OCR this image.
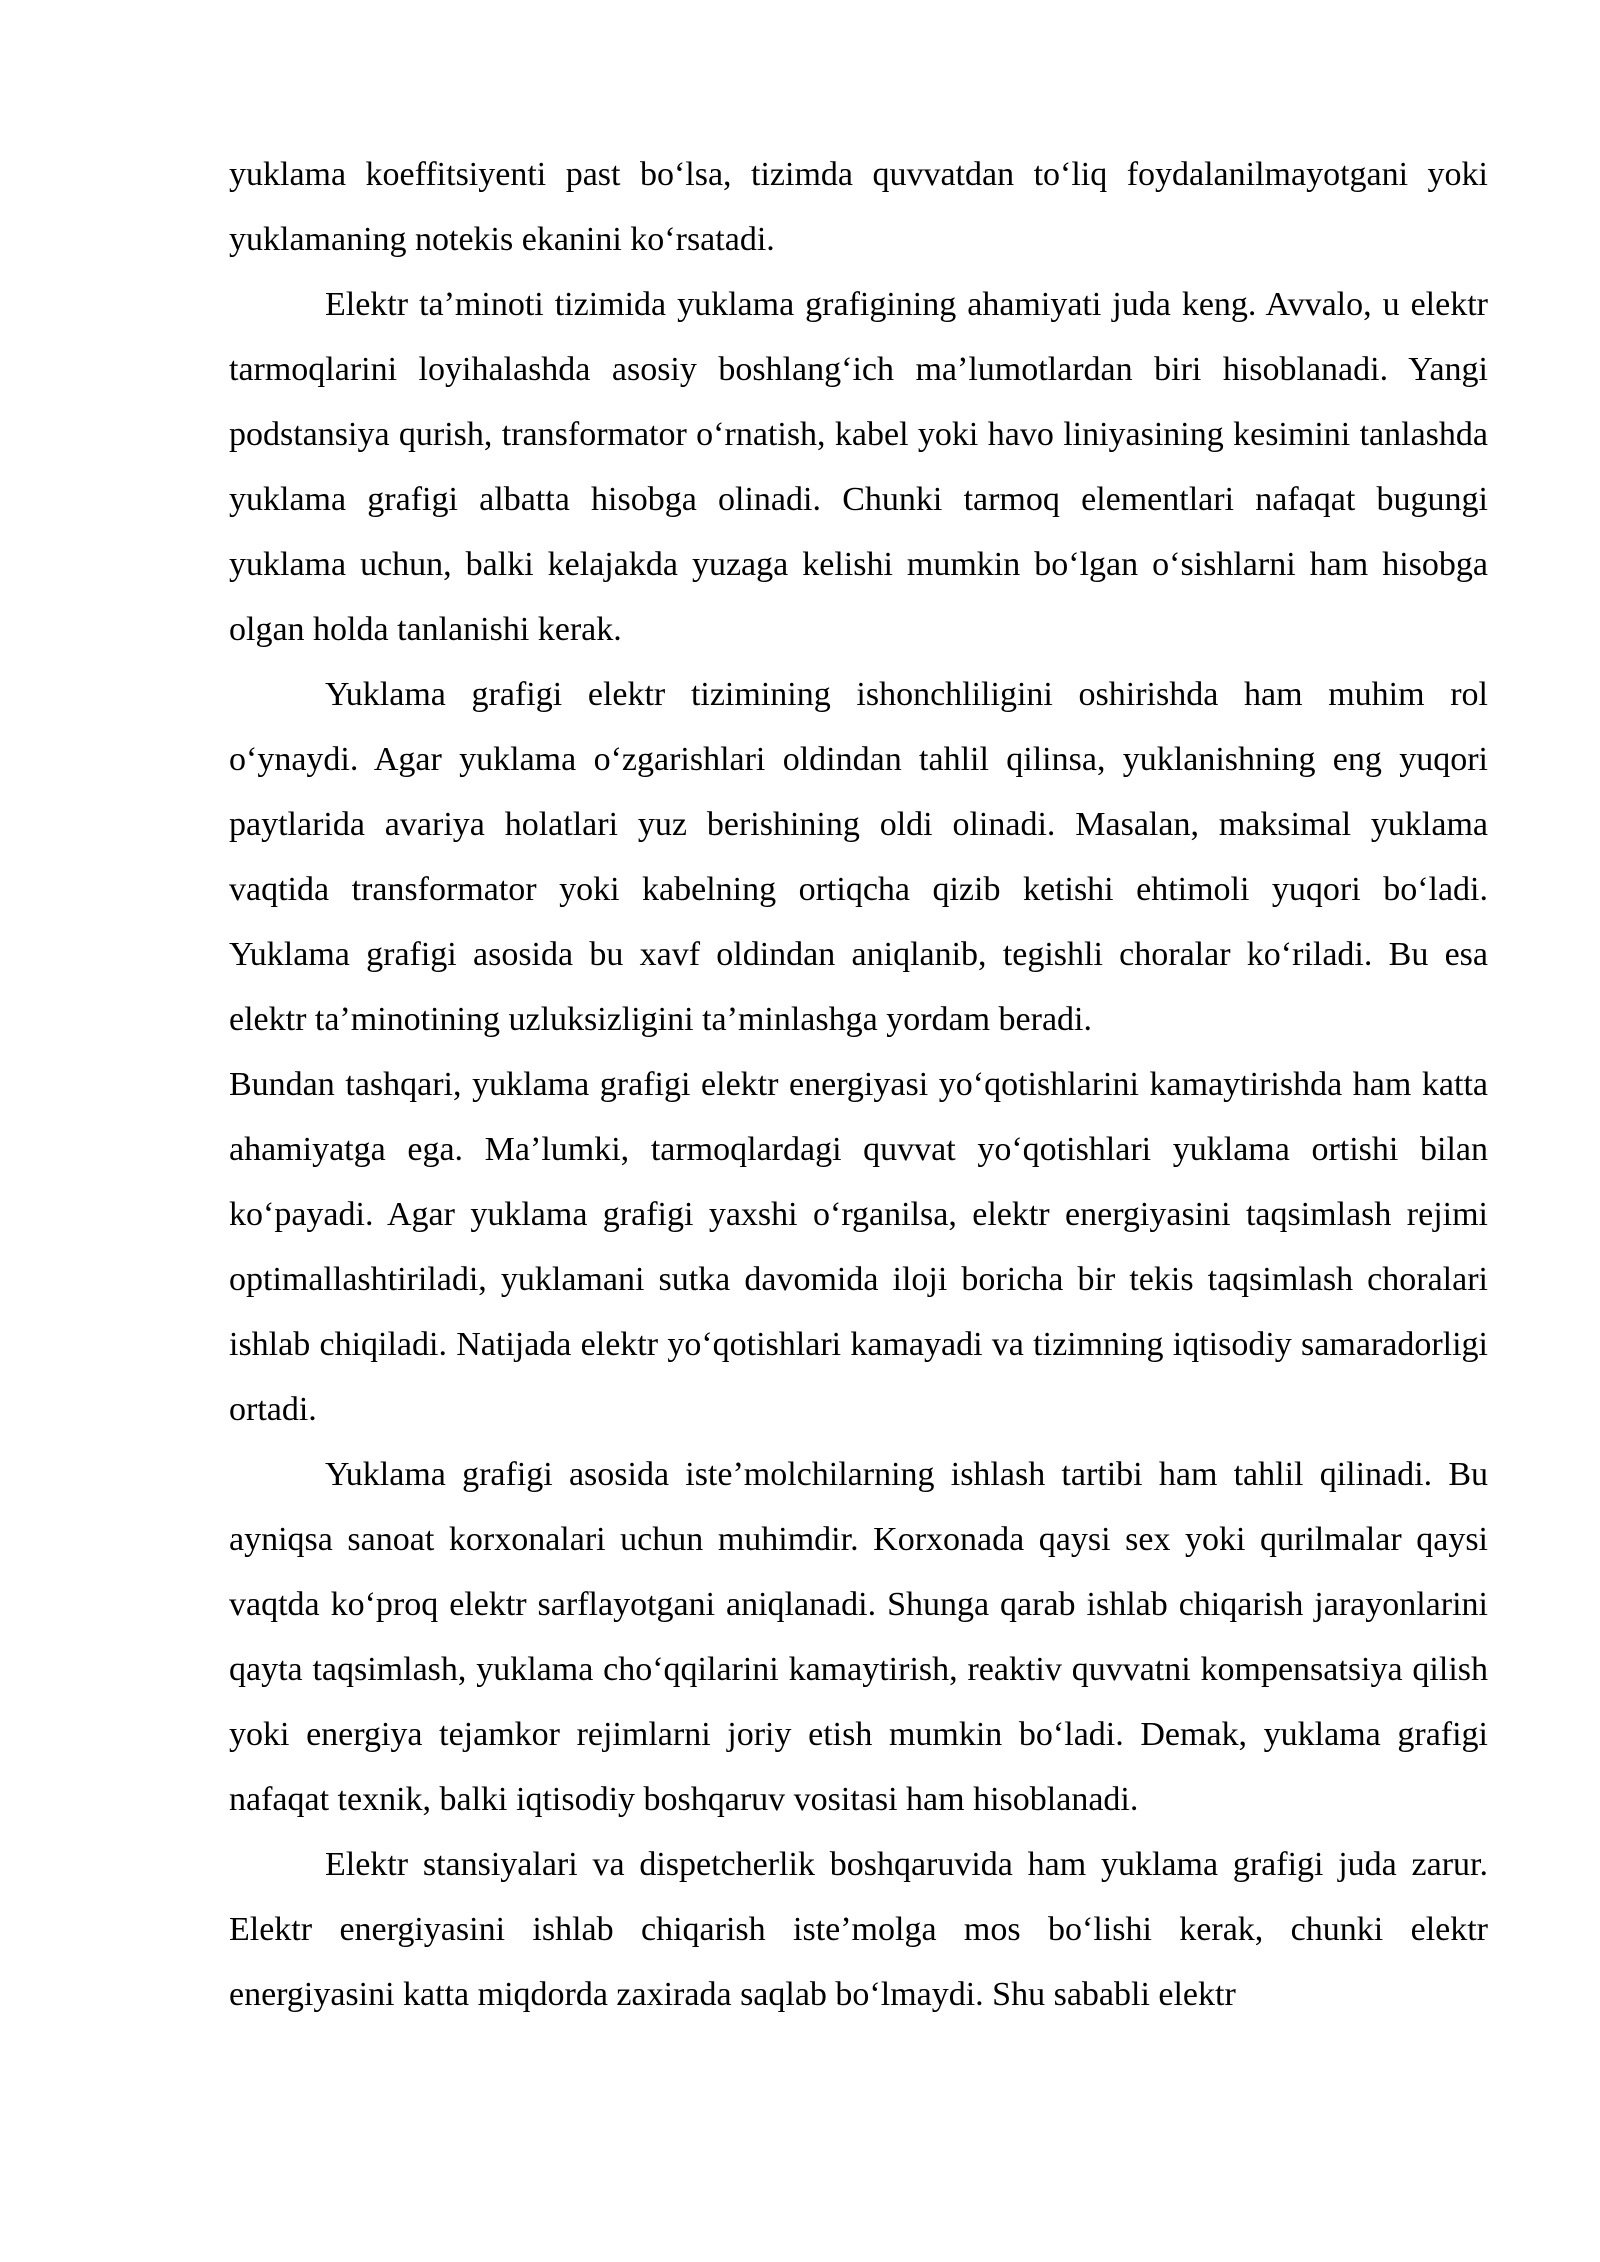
yuklama koeffitsiyenti past boʻlsa, tizimda quvvatdan toʻliq foydalanilmayotgani yoki yuklamaning notekis ekanini koʻrsatadi.

Elektr taʼminoti tizimida yuklama grafigining ahamiyati juda keng. Avvalo, u elektr tarmoqlarini loyihalashda asosiy boshlangʻich maʼlumotlardan biri hisoblanadi. Yangi podstansiya qurish, transformator oʻrnatish, kabel yoki havo liniyasining kesimini tanlashda yuklama grafigi albatta hisobga olinadi. Chunki tarmoq elementlari nafaqat bugungi yuklama uchun, balki kelajakda yuzaga kelishi mumkin boʻlgan oʻsishlarni ham hisobga olgan holda tanlanishi kerak.

Yuklama grafigi elektr tizimining ishonchliligini oshirishda ham muhim rol oʻynaydi. Agar yuklama oʻzgarishlari oldindan tahlil qilinsa, yuklanishning eng yuqori paytlarida avariya holatlari yuz berishining oldi olinadi. Masalan, maksimal yuklama vaqtida transformator yoki kabelning ortiqcha qizib ketishi ehtimoli yuqori boʻladi. Yuklama grafigi asosida bu xavf oldindan aniqlanib, tegishli choralar koʻriladi. Bu esa elektr taʼminotining uzluksizligini taʼminlashga yordam beradi.

Bundan tashqari, yuklama grafigi elektr energiyasi yoʻqotishlarini kamaytirishda ham katta ahamiyatga ega. Maʼlumki, tarmoqlardagi quvvat yoʻqotishlari yuklama ortishi bilan koʻpayadi. Agar yuklama grafigi yaxshi oʻrganilsa, elektr energiyasini taqsimlash rejimi optimallashtiriladi, yuklamani sutka davomida iloji boricha bir tekis taqsimlash choralari ishlab chiqiladi. Natijada elektr yoʻqotishlari kamayadi va tizimning iqtisodiy samaradorligi ortadi.

Yuklama grafigi asosida isteʼmolchilarning ishlash tartibi ham tahlil qilinadi. Bu ayniqsa sanoat korxonalari uchun muhimdir. Korxonada qaysi sex yoki qurilmalar qaysi vaqtda koʻproq elektr sarflayotgani aniqlanadi. Shunga qarab ishlab chiqarish jarayonlarini qayta taqsimlash, yuklama choʻqqilarini kamaytirish, reaktiv quvvatni kompensatsiya qilish yoki energiya tejamkor rejimlarni joriy etish mumkin boʻladi. Demak, yuklama grafigi nafaqat texnik, balki iqtisodiy boshqaruv vositasi ham hisoblanadi.

Elektr stansiyalari va dispetcherlik boshqaruvida ham yuklama grafigi juda zarur. Elektr energiyasini ishlab chiqarish isteʼmolga mos boʻlishi kerak, chunki elektr energiyasini katta miqdorda zaxirada saqlab boʻlmaydi. Shu sababli elektr
